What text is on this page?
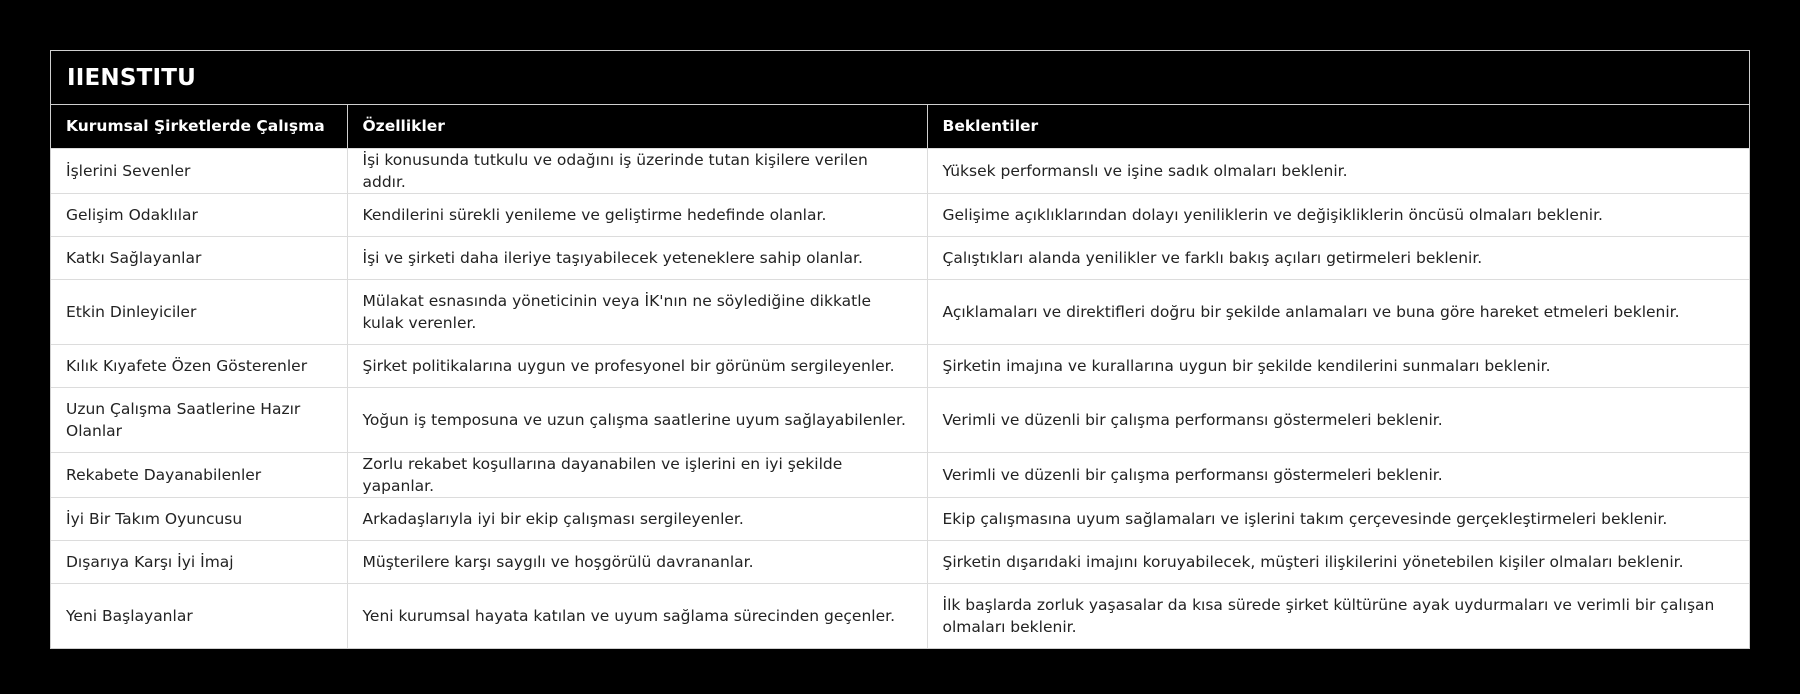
IIENSTITU
Kurumsal Şirketlerde Çalışma	Özellikler	Beklentiler
İşlerini Sevenler	İşi konusunda tutkulu ve odağını iş üzerinde tutan kişilere verilen addır.	Yüksek performanslı ve işine sadık olmaları beklenir.
Gelişim Odaklılar	Kendilerini sürekli yenileme ve geliştirme hedefinde olanlar.	Gelişime açıklıklarından dolayı yeniliklerin ve değişikliklerin öncüsü olmaları beklenir.
Katkı Sağlayanlar	İşi ve şirketi daha ileriye taşıyabilecek yeteneklere sahip olanlar.	Çalıştıkları alanda yenilikler ve farklı bakış açıları getirmeleri beklenir.
Etkin Dinleyiciler	Mülakat esnasında yöneticinin veya İK'nın ne söylediğine dikkatle kulak verenler.	Açıklamaları ve direktifleri doğru bir şekilde anlamaları ve buna göre hareket etmeleri beklenir.
Kılık Kıyafete Özen Gösterenler	Şirket politikalarına uygun ve profesyonel bir görünüm sergileyenler.	Şirketin imajına ve kurallarına uygun bir şekilde kendilerini sunmaları beklenir.
Uzun Çalışma Saatlerine Hazır Olanlar	Yoğun iş temposuna ve uzun çalışma saatlerine uyum sağlayabilenler.	Verimli ve düzenli bir çalışma performansı göstermeleri beklenir.
Rekabete Dayanabilenler	Zorlu rekabet koşullarına dayanabilen ve işlerini en iyi şekilde yapanlar.	Verimli ve düzenli bir çalışma performansı göstermeleri beklenir.
İyi Bir Takım Oyuncusu	Arkadaşlarıyla iyi bir ekip çalışması sergileyenler.	Ekip çalışmasına uyum sağlamaları ve işlerini takım çerçevesinde gerçekleştirmeleri beklenir.
Dışarıya Karşı İyi İmaj	Müşterilere karşı saygılı ve hoşgörülü davrananlar.	Şirketin dışarıdaki imajını koruyabilecek, müşteri ilişkilerini yönetebilen kişiler olmaları beklenir.
Yeni Başlayanlar	Yeni kurumsal hayata katılan ve uyum sağlama sürecinden geçenler.	İlk başlarda zorluk yaşasalar da kısa sürede şirket kültürüne ayak uydurmaları ve verimli bir çalışan olmaları beklenir.
